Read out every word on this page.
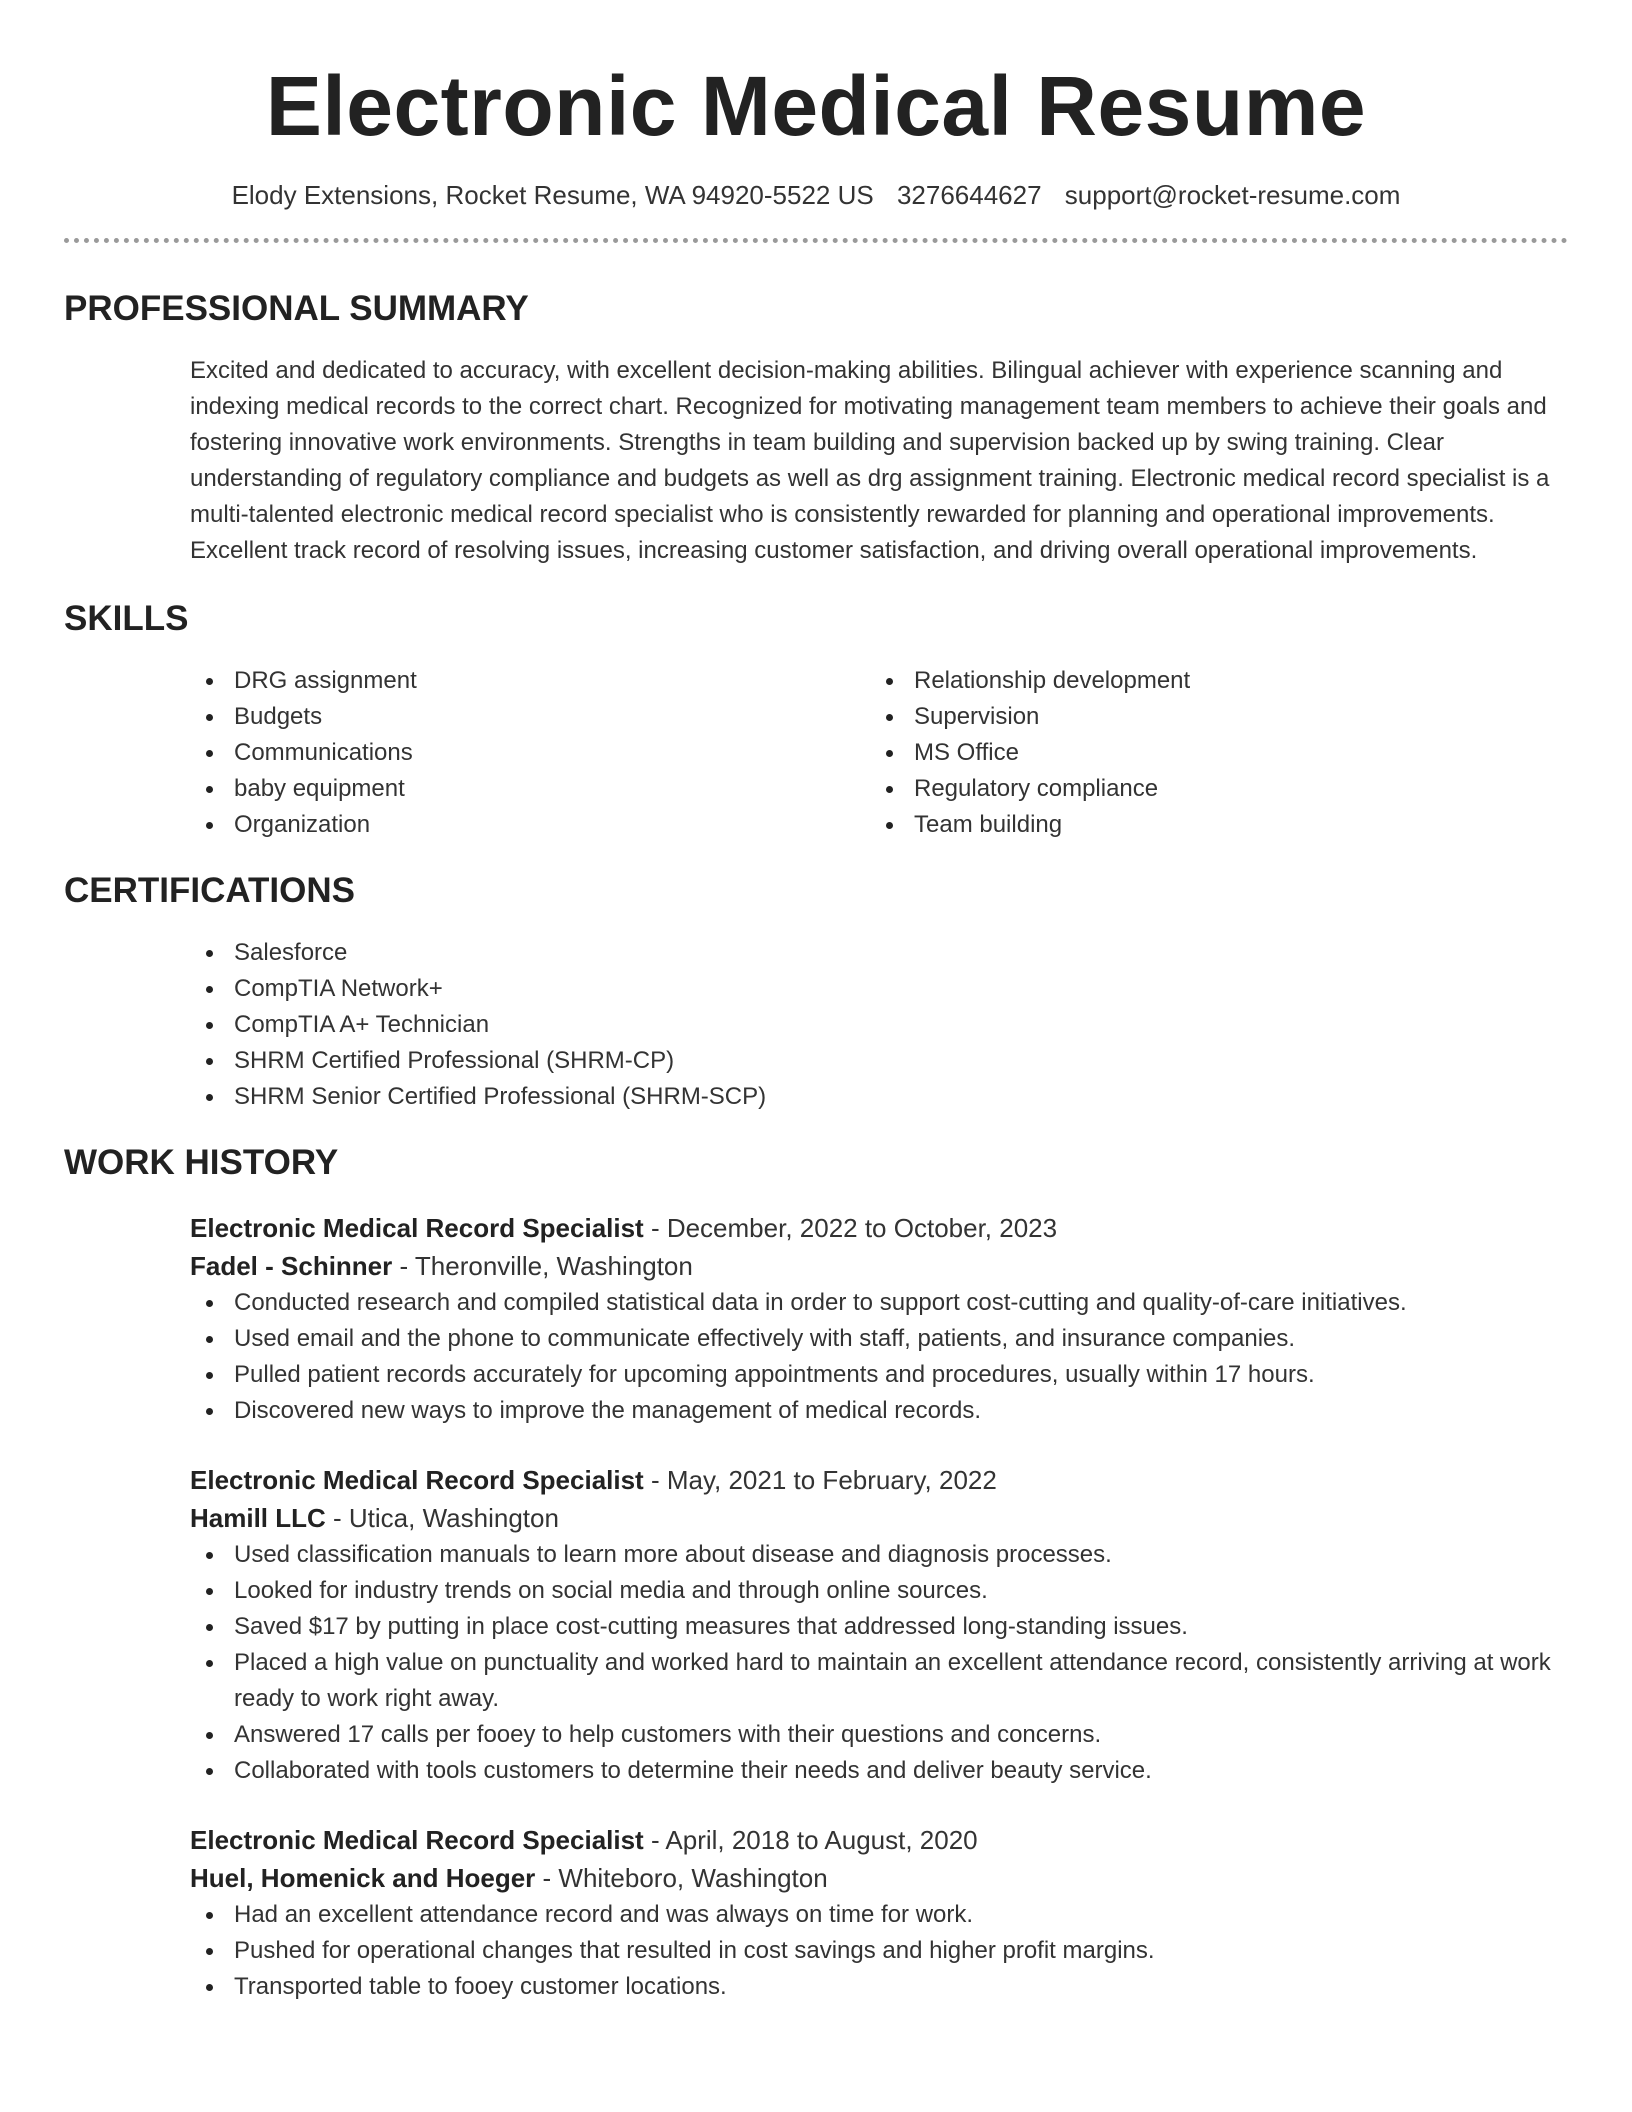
Electronic Medical Resume
Elody Extensions, Rocket Resume, WA 94920-5522 US 3276644627 support@rocket-resume.com
PROFESSIONAL SUMMARY
Excited and dedicated to accuracy, with excellent decision-making abilities. Bilingual achiever with experience scanning and indexing medical records to the correct chart. Recognized for motivating management team members to achieve their goals and fostering innovative work environments. Strengths in team building and supervision backed up by swing training. Clear understanding of regulatory compliance and budgets as well as drg assignment training. Electronic medical record specialist is a multi-talented electronic medical record specialist who is consistently rewarded for planning and operational improvements. Excellent track record of resolving issues, increasing customer satisfaction, and driving overall operational improvements.
SKILLS
DRG assignment
Budgets
Communications
baby equipment
Organization
Relationship development
Supervision
MS Office
Regulatory compliance
Team building
CERTIFICATIONS
Salesforce
CompTIA Network+
CompTIA A+ Technician
SHRM Certified Professional (SHRM-CP)
SHRM Senior Certified Professional (SHRM-SCP)
WORK HISTORY
Electronic Medical Record Specialist - December, 2022 to October, 2023
Fadel - Schinner - Theronville, Washington
Conducted research and compiled statistical data in order to support cost-cutting and quality-of-care initiatives.
Used email and the phone to communicate effectively with staff, patients, and insurance companies.
Pulled patient records accurately for upcoming appointments and procedures, usually within 17 hours.
Discovered new ways to improve the management of medical records.
Electronic Medical Record Specialist - May, 2021 to February, 2022
Hamill LLC - Utica, Washington
Used classification manuals to learn more about disease and diagnosis processes.
Looked for industry trends on social media and through online sources.
Saved $17 by putting in place cost-cutting measures that addressed long-standing issues.
Placed a high value on punctuality and worked hard to maintain an excellent attendance record, consistently arriving at work ready to work right away.
Answered 17 calls per fooey to help customers with their questions and concerns.
Collaborated with tools customers to determine their needs and deliver beauty service.
Electronic Medical Record Specialist - April, 2018 to August, 2020
Huel, Homenick and Hoeger - Whiteboro, Washington
Had an excellent attendance record and was always on time for work.
Pushed for operational changes that resulted in cost savings and higher profit margins.
Transported table to fooey customer locations.
